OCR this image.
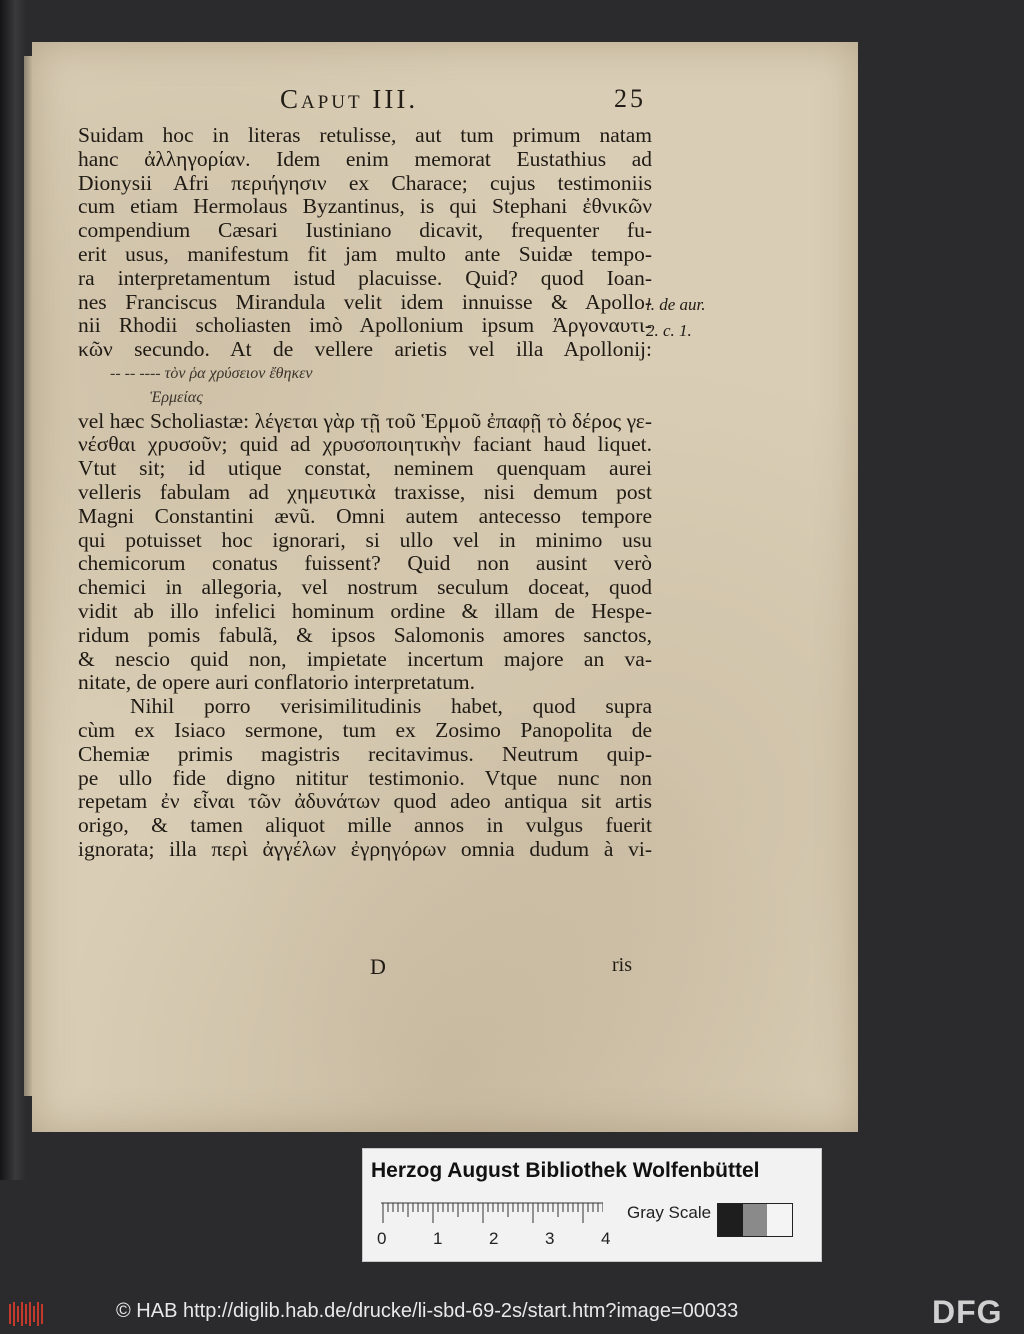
Caput III.	25
Suidam hoc in literas retulisse, aut tum primum natam
hanc ἀλληγορίαν. Idem enim memorat Eustathius ad
Dionysii Afri περιήγησιν ex Charace; cujus testimoniis
cum etiam Hermolaus Byzantinus, is qui Stephani ἐθνικῶν
compendium Cæsari Iustiniano dicavit, frequenter fu-
erit usus, manifestum fit jam multo ante Suidæ tempo-
ra interpretamentum istud placuisse. Quid? quod Ioan-
nes Franciscus Mirandula velit idem innuisse & Apollo-
nii Rhodii scholiasten imò Apollonium ipsum Ἀργοναυτι-
κῶν secundo. At de vellere arietis vel illa Apollonij:
-- -- ---- τὸν ῥα χρύσειον ἔθηκεν
Ἑρμείας
vel hæc Scholiastæ: λέγεται γὰρ τῇ τοῦ Ἑρμοῦ ἐπαφῇ τὸ δέρος γε-
νέσθαι χρυσοῦν; quid ad χρυσοποιητικὴν faciant haud liquet.
Vtut sit; id utique constat, neminem quenquam aurei
velleris fabulam ad χημευτικὰ traxisse, nisi demum post
Magni Constantini ævũ. Omni autem antecesso tempore
qui potuisset hoc ignorari, si ullo vel in minimo usu
chemicorum conatus fuissent? Quid non ausint verò
chemici in allegoria, vel nostrum seculum doceat, quod
vidit ab illo infelici hominum ordine & illam de Hespe-
ridum pomis fabulã, & ipsos Salomonis amores sanctos,
& nescio quid non, impietate incertum majore an va-
nitate, de opere auri conflatorio interpretatum.
Nihil porro verisimilitudinis habet, quod supra
cùm ex Isiaco sermone, tum ex Zosimo Panopolita de
Chemiæ primis magistris recitavimus. Neutrum quip-
pe ullo fide digno nititur testimonio. Vtque nunc non
repetam ἐν εἶναι τῶν ἀδυνάτων quod adeo antiqua sit artis
origo, & tamen aliquot mille annos in vulgus fuerit
ignorata; illa περὶ ἀγγέλων ἐγρηγόρων omnia dudum à vi-
l. de aur.
2. c. 1.
D	ris
Herzog August Bibliothek Wolfenbüttel
0	1	2	3	4
Gray Scale
© HAB http://diglib.hab.de/drucke/li-sbd-69-2s/start.htm?image=00033	DFG
